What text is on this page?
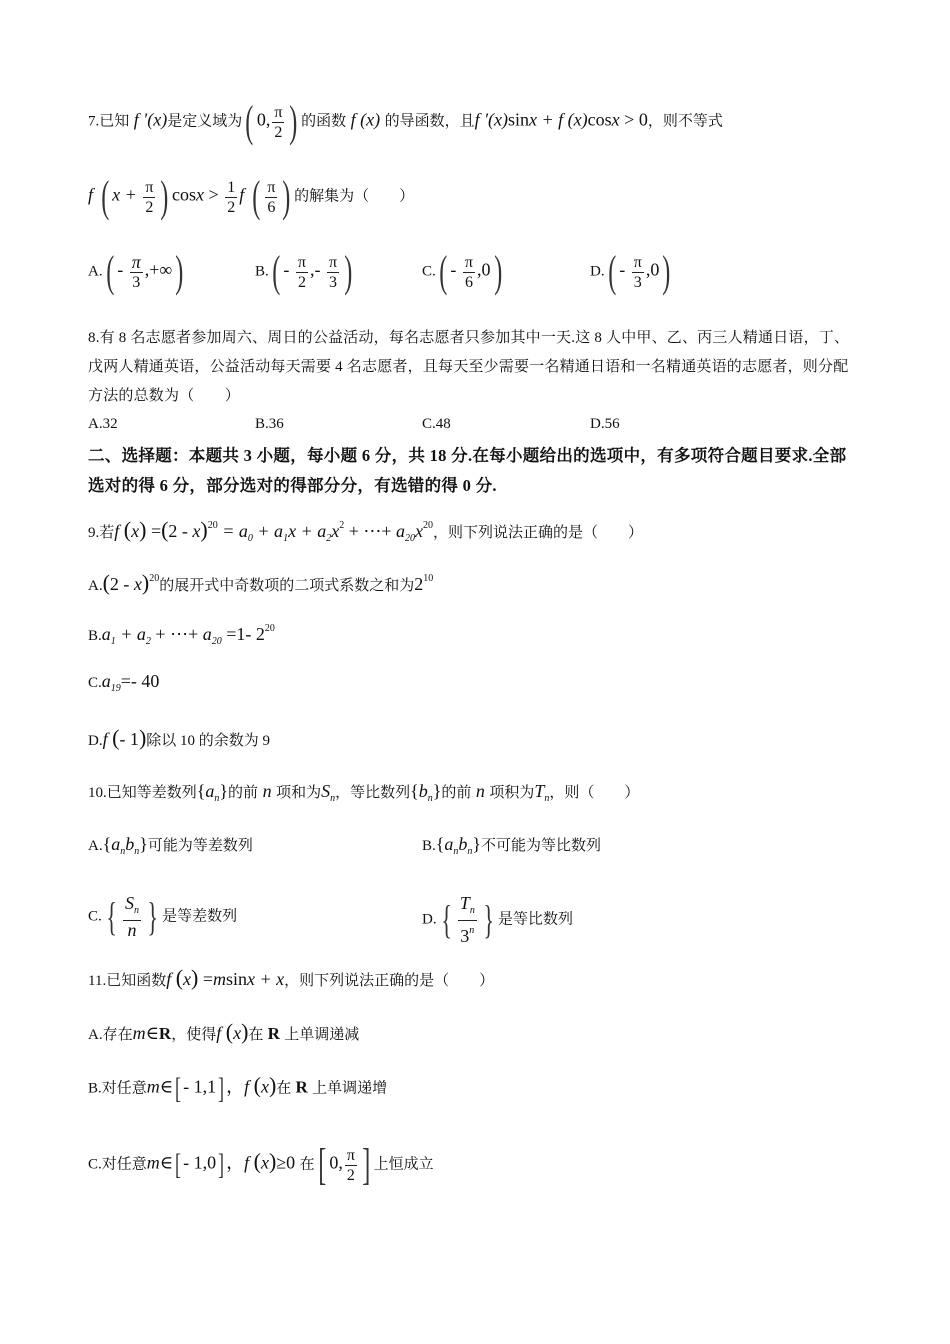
7.已知 f ′(x)是定义域为( 0, $\frac{\pi}{2}$ ) 的函数 f (x) 的导函数，且f ′(x)sinx + f (x)cosx > 0，则不等式
f ( $x + \frac{\pi}{2}$ ) $\cos x > \frac{1}{2}$ f ( $\frac{\pi}{6}$ ) 的解集为（　　）
$A.( - \frac{\pi}{3}$ ,+∞)	$B.( - \frac{\pi}{2}$ ,- $\frac{\pi}{3}$ )	$C.( - \frac{\pi}{6} ,0)$	$D.( - \frac{\pi}{3} ,0)$
8.有 8 名志愿者参加周六、周日的公益活动，每名志愿者只参加其中一天.这 8 人中甲、乙、丙三人精通日语，丁、戊两人精通英语，公益活动每天需要 4 名志愿者，且每天至少需要一名精通日语和一名精通英语的志愿者，则分配方法的总数为（　　）
A.32	B.36	C.48	D.56
二、选择题：本题共 3 小题，每小题 6 分，共 18 分.在每小题给出的选项中，有多项符合题目要求.全部选对的得 6 分，部分选对的得部分分，有选错的得 0 分.
9.若f $(x) =(2 - x)^{20} = a_0 + a_1x + a_2x^2$ + ⋯+ $a_{20}x^{20}$，则下列说法正确的是（　　）
A.(2 - x)$^{20}$的展开式中奇数项的二项式系数之和为$2^{10}$
$B.a_1 + a_2$ + ⋯+ $a_{20} =1-$ $2^{20}$
$C.a_{19}=-$ 40
D.f (- 1)除以 10 的余数为 9
10.已知等差数列$\{a_n\}$的前 n 项和为$S_n$，等比数列$\{b_n\}$的前 n 项积为$T_n$，则（　　）
$A.\{a_nb_n\}$可能为等差数列	$B.\{a_nb_n\}$不可能为等比数列
C. { $\frac{S_n}{n}$ } 是等差数列	D. { $\frac{T_n}{3^n}$ } 是等比数列
11.已知函数f (x) =msinx + x，则下列说法正确的是（　　）
A.存在m∈R，使得f (x)在 R 上单调递减
B.对任意m∈[ - 1,1] ，f (x)在 R 上单调递增
C.对任意m∈[ - 1,0] ，f (x)≥0 在[ 0, $\frac{\pi}{2}$ ] 上恒成立
